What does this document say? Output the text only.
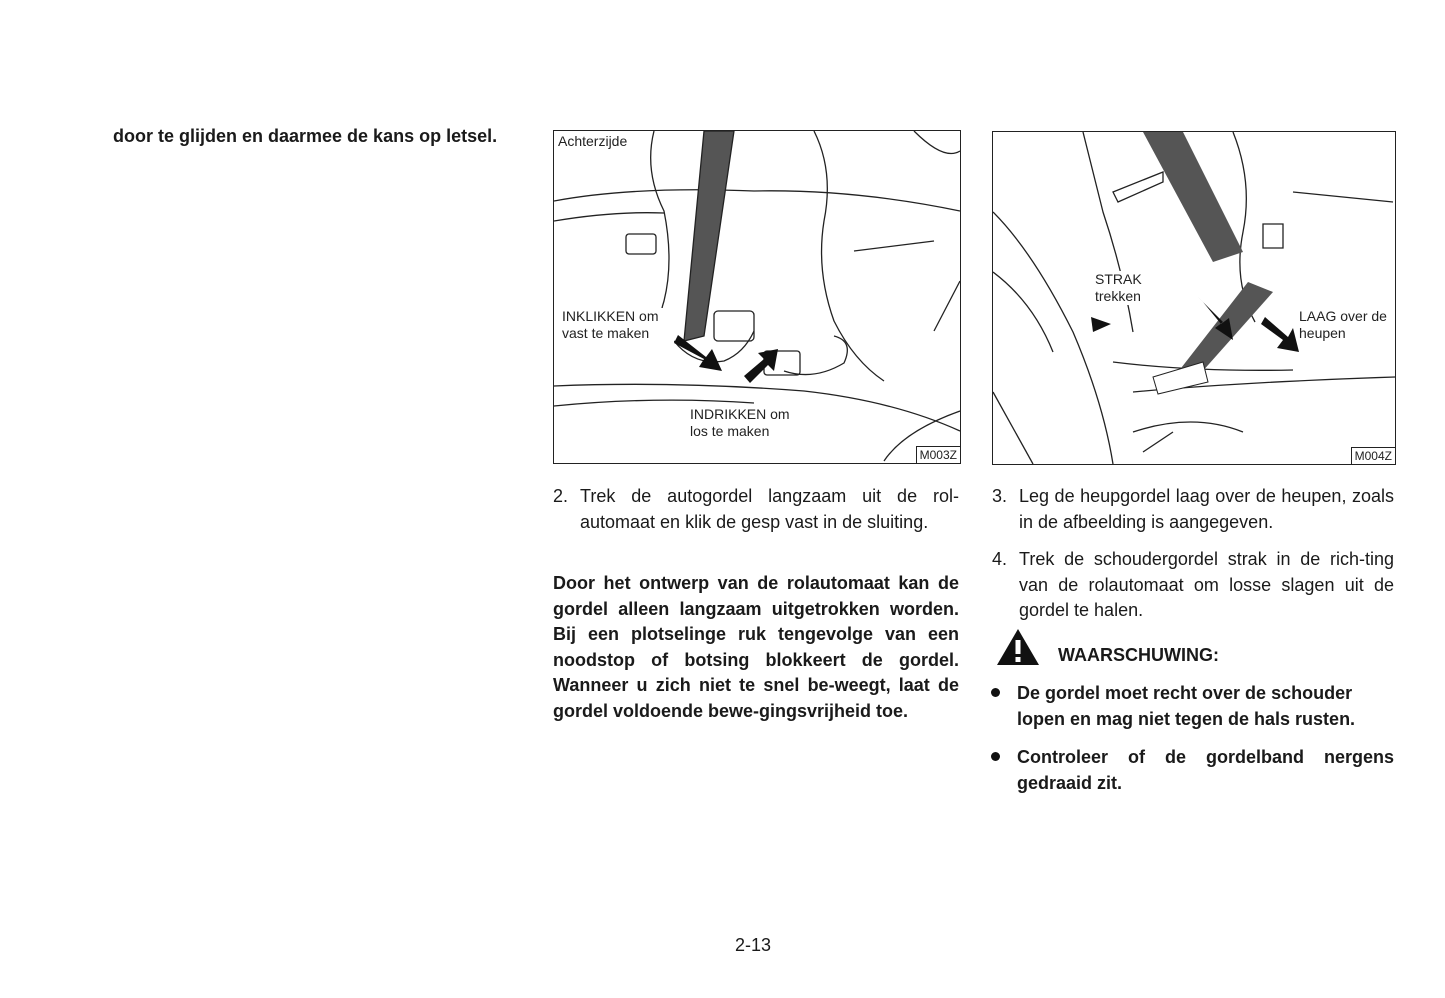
door te glijden en daarmee de kans op letsel.	Achterzijde
INKLIKKEN om vast te maken
INDRIKKEN om los te maken
M003Z
STRAK trekken
LAAG over de heupen
M004Z
2. Trek de autogordel langzaam uit de rol-automaat en klik de gesp vast in de sluiting.
Door het ontwerp van de rolautomaat kan de gordel alleen langzaam uitgetrokken worden. Bij een plotselinge ruk tengevolge van een noodstop of botsing blokkeert de gordel. Wanneer u zich niet te snel be-weegt, laat de gordel voldoende bewe-gingsvrijheid toe.
3. Leg de heupgordel laag over de heupen, zoals in de afbeelding is aangegeven.
4. Trek de schoudergordel strak in de rich-ting van de rolautomaat om losse slagen uit de gordel te halen.
WAARSCHUWING:
De gordel moet recht over de schouder lopen en mag niet tegen de hals rusten.
Controleer of de gordelband nergens gedraaid zit.
2-13
